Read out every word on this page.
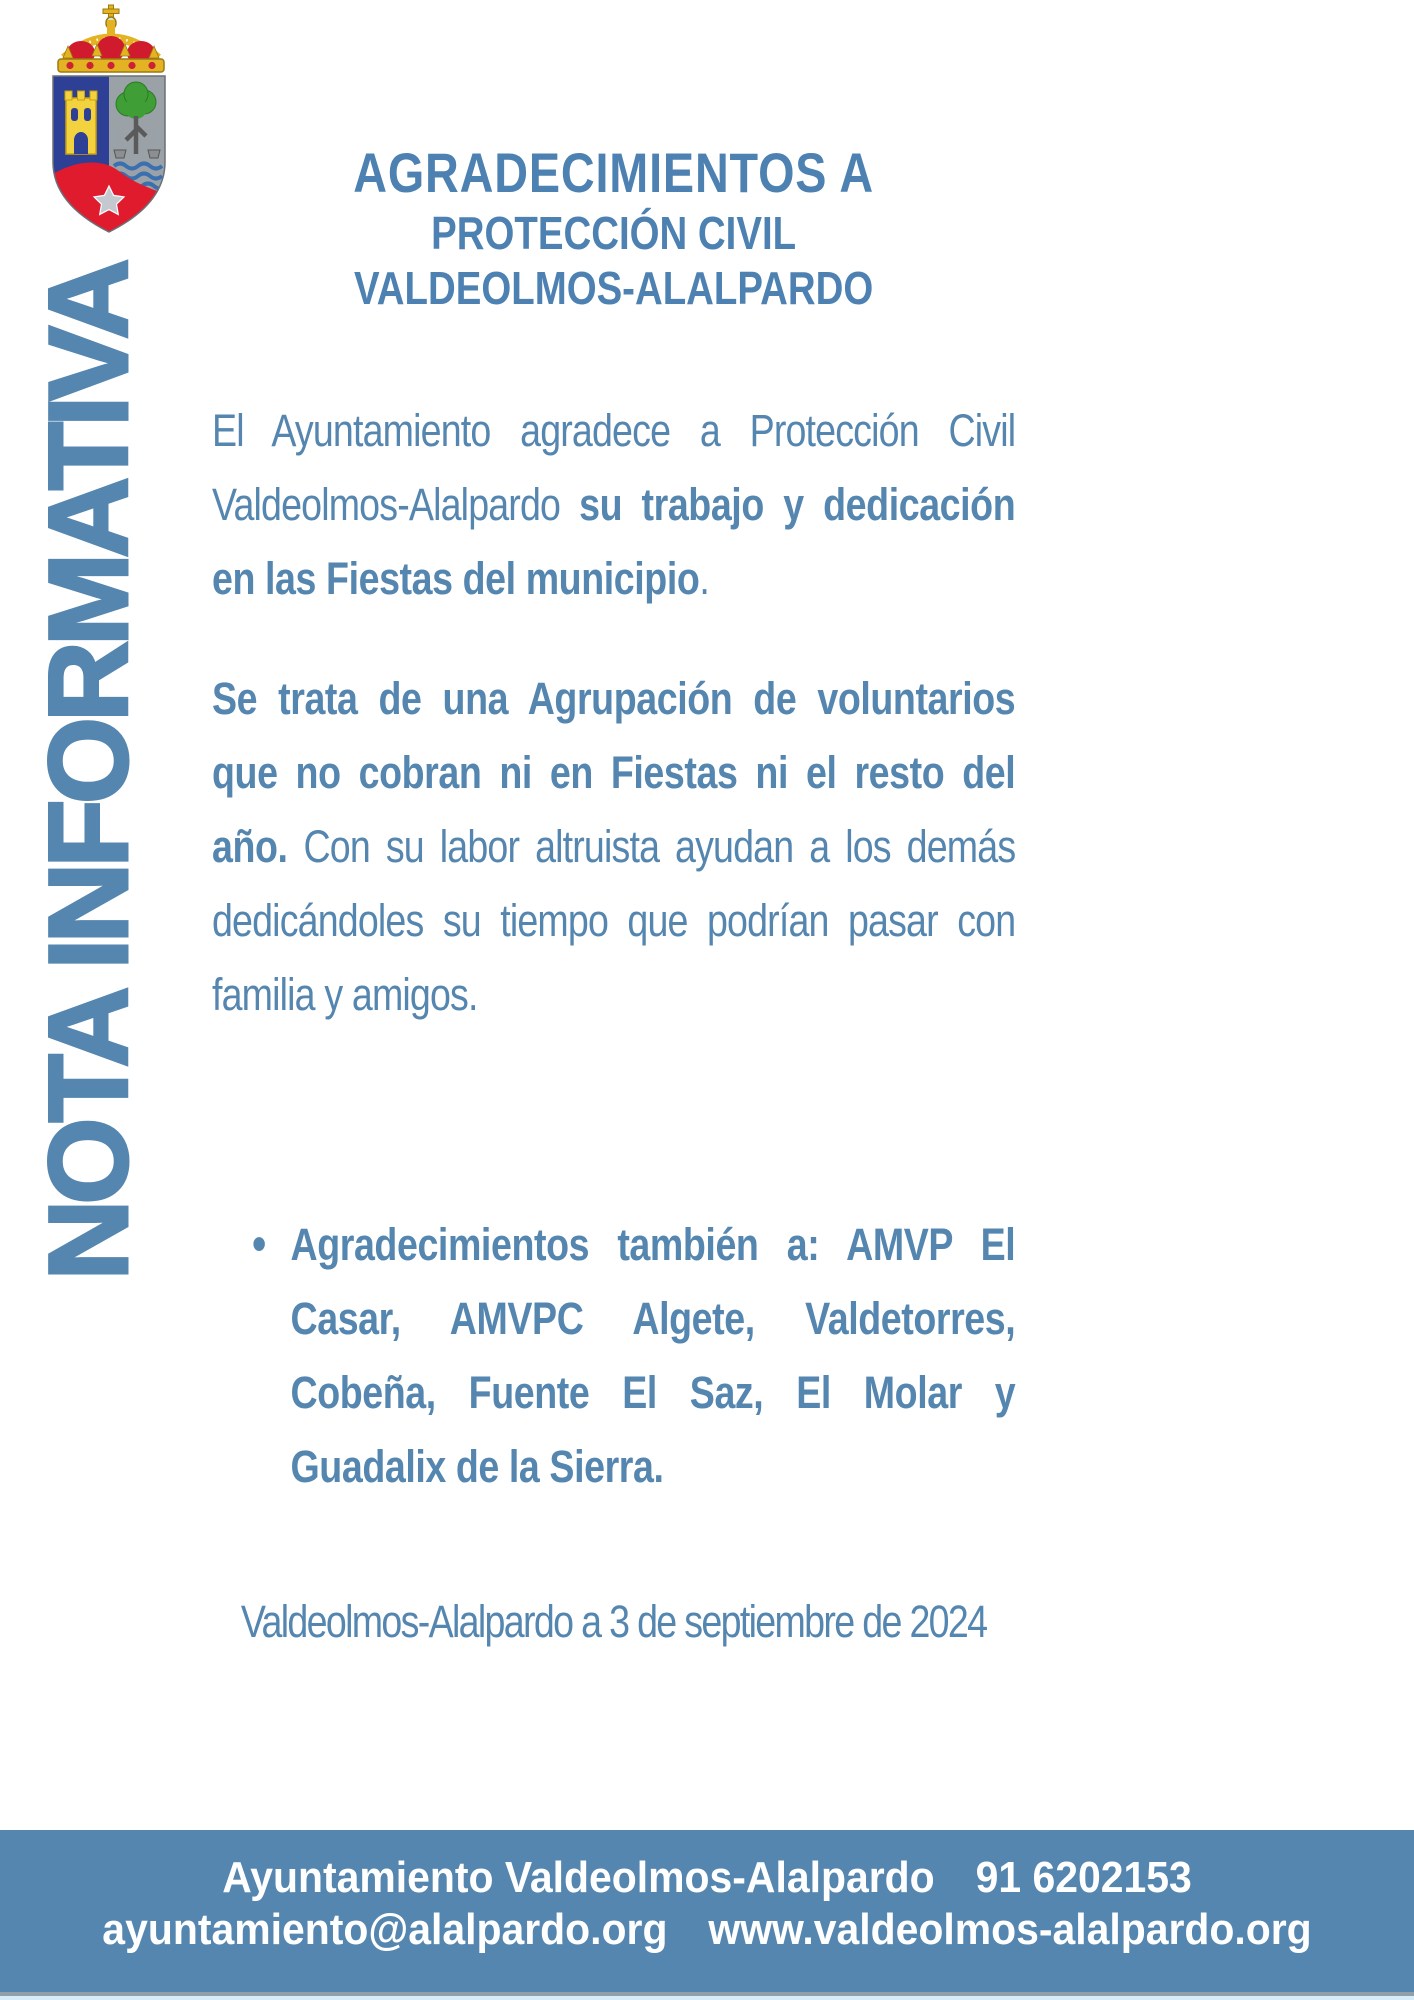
NOTA INFORMATIVA
AGRADECIMIENTOS A
PROTECCIÓN CIVIL
VALDEOLMOS-ALALPARDO

El Ayuntamiento agradece a Protección Civil Valdeolmos-Alalpardo su trabajo y dedicación en las Fiestas del municipio.

Se trata de una Agrupación de voluntarios que no cobran ni en Fiestas ni el resto del año. Con su labor altruista ayudan a los demás dedicándoles su tiempo que podrían pasar con familia y amigos.

• Agradecimientos también a: AMVP El Casar, AMVPC Algete, Valdetorres, Cobeña, Fuente El Saz, El Molar y Guadalix de la Sierra.

Valdeolmos-Alalpardo a 3 de septiembre de 2024

Ayuntamiento Valdeolmos-Alalpardo 91 6202153
ayuntamiento@alalpardo.org www.valdeolmos-alalpardo.org
